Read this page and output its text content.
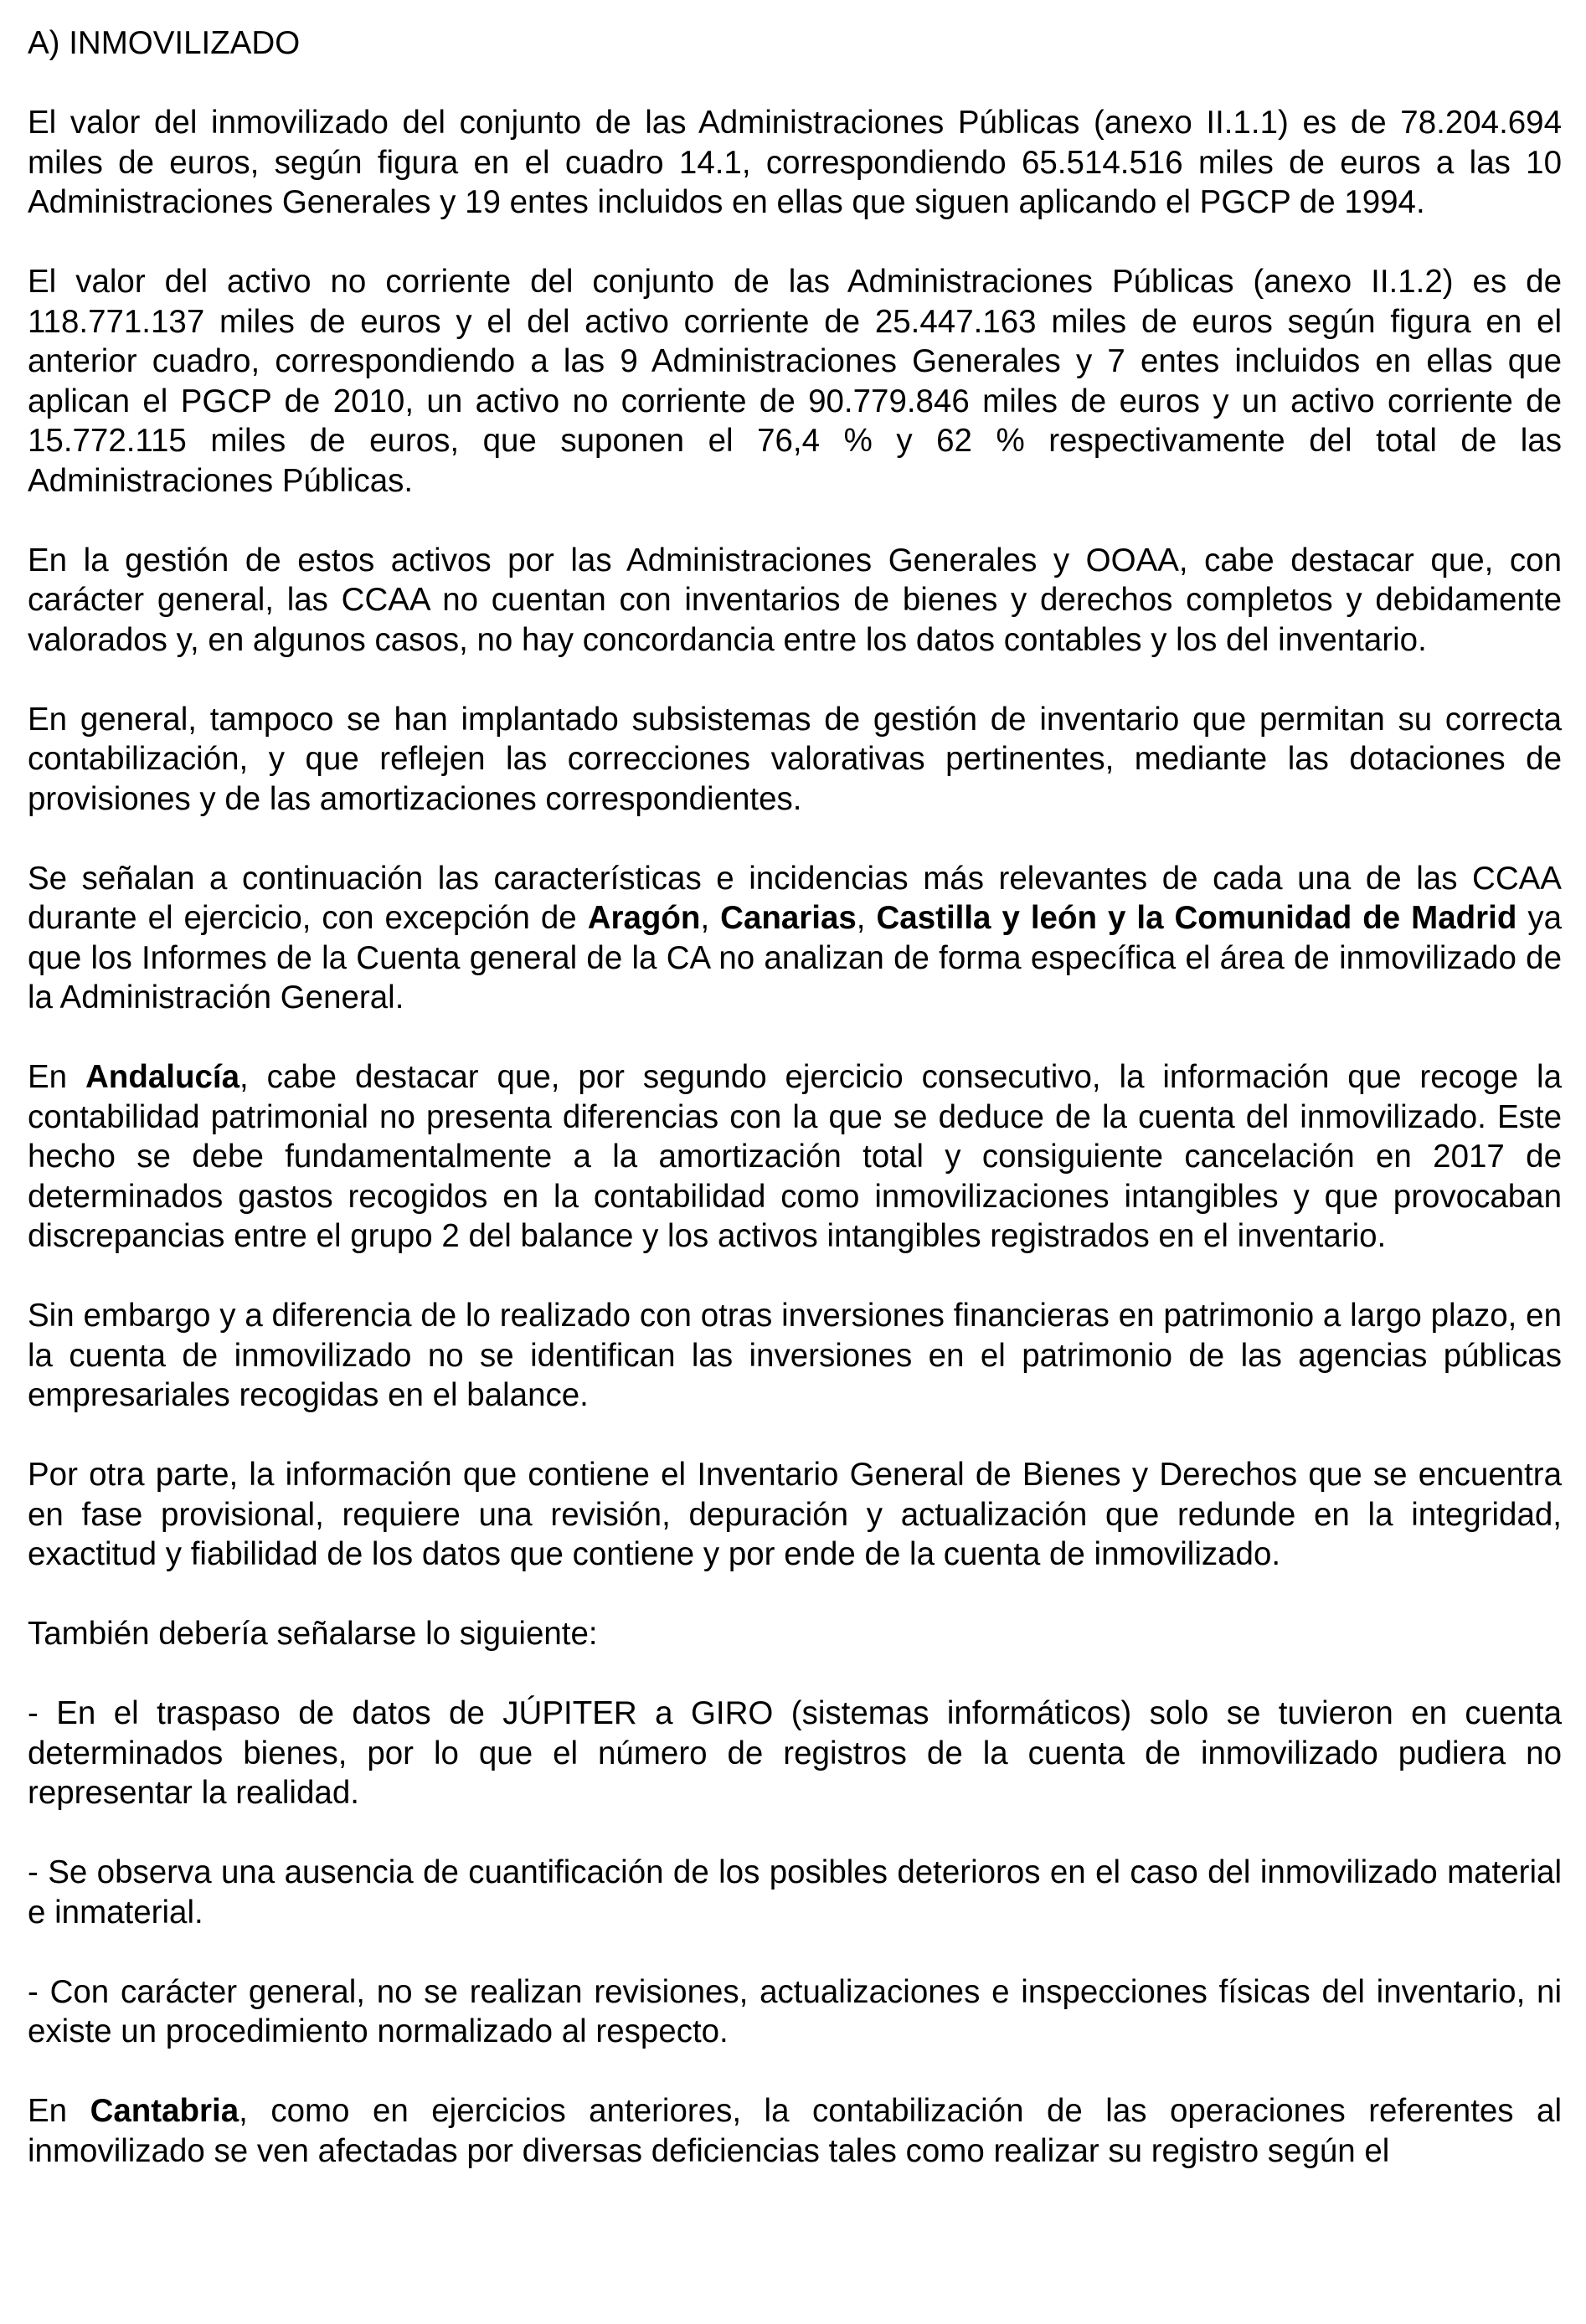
A) INMOVILIZADO

El valor del inmovilizado del conjunto de las Administraciones Públicas (anexo II.1.1) es de 78.204.694 miles de euros, según figura en el cuadro 14.1, correspondiendo 65.514.516 miles de euros a las 10 Administraciones Generales y 19 entes incluidos en ellas que siguen aplicando el PGCP de 1994.

El valor del activo no corriente del conjunto de las Administraciones Públicas (anexo II.1.2) es de 118.771.137 miles de euros y el del activo corriente de 25.447.163 miles de euros según figura en el anterior cuadro, correspondiendo a las 9 Administraciones Generales y 7 entes incluidos en ellas que aplican el PGCP de 2010, un activo no corriente de 90.779.846 miles de euros y un activo corriente de 15.772.115 miles de euros, que suponen el 76,4 % y 62 % respectivamente del total de las Administraciones Públicas.

En la gestión de estos activos por las Administraciones Generales y OOAA, cabe destacar que, con carácter general, las CCAA no cuentan con inventarios de bienes y derechos completos y debidamente valorados y, en algunos casos, no hay concordancia entre los datos contables y los del inventario.

En general, tampoco se han implantado subsistemas de gestión de inventario que permitan su correcta contabilización, y que reflejen las correcciones valorativas pertinentes, mediante las dotaciones de provisiones y de las amortizaciones correspondientes.

Se señalan a continuación las características e incidencias más relevantes de cada una de las CCAA durante el ejercicio, con excepción de Aragón, Canarias, Castilla y león y la Comunidad de Madrid ya que los Informes de la Cuenta general de la CA no analizan de forma específica el área de inmovilizado de la Administración General.

En Andalucía, cabe destacar que, por segundo ejercicio consecutivo, la información que recoge la contabilidad patrimonial no presenta diferencias con la que se deduce de la cuenta del inmovilizado. Este hecho se debe fundamentalmente a la amortización total y consiguiente cancelación en 2017 de determinados gastos recogidos en la contabilidad como inmovilizaciones intangibles y que provocaban discrepancias entre el grupo 2 del balance y los activos intangibles registrados en el inventario.

Sin embargo y a diferencia de lo realizado con otras inversiones financieras en patrimonio a largo plazo, en la cuenta de inmovilizado no se identifican las inversiones en el patrimonio de las agencias públicas empresariales recogidas en el balance.

Por otra parte, la información que contiene el Inventario General de Bienes y Derechos que se encuentra en fase provisional, requiere una revisión, depuración y actualización que redunde en la integridad, exactitud y fiabilidad de los datos que contiene y por ende de la cuenta de inmovilizado.

También debería señalarse lo siguiente:

- En el traspaso de datos de JÚPITER a GIRO (sistemas informáticos) solo se tuvieron en cuenta determinados bienes, por lo que el número de registros de la cuenta de inmovilizado pudiera no representar la realidad.

- Se observa una ausencia de cuantificación de los posibles deterioros en el caso del inmovilizado material e inmaterial.

- Con carácter general, no se realizan revisiones, actualizaciones e inspecciones físicas del inventario, ni existe un procedimiento normalizado al respecto.

En Cantabria, como en ejercicios anteriores, la contabilización de las operaciones referentes al inmovilizado se ven afectadas por diversas deficiencias tales como realizar su registro según el
